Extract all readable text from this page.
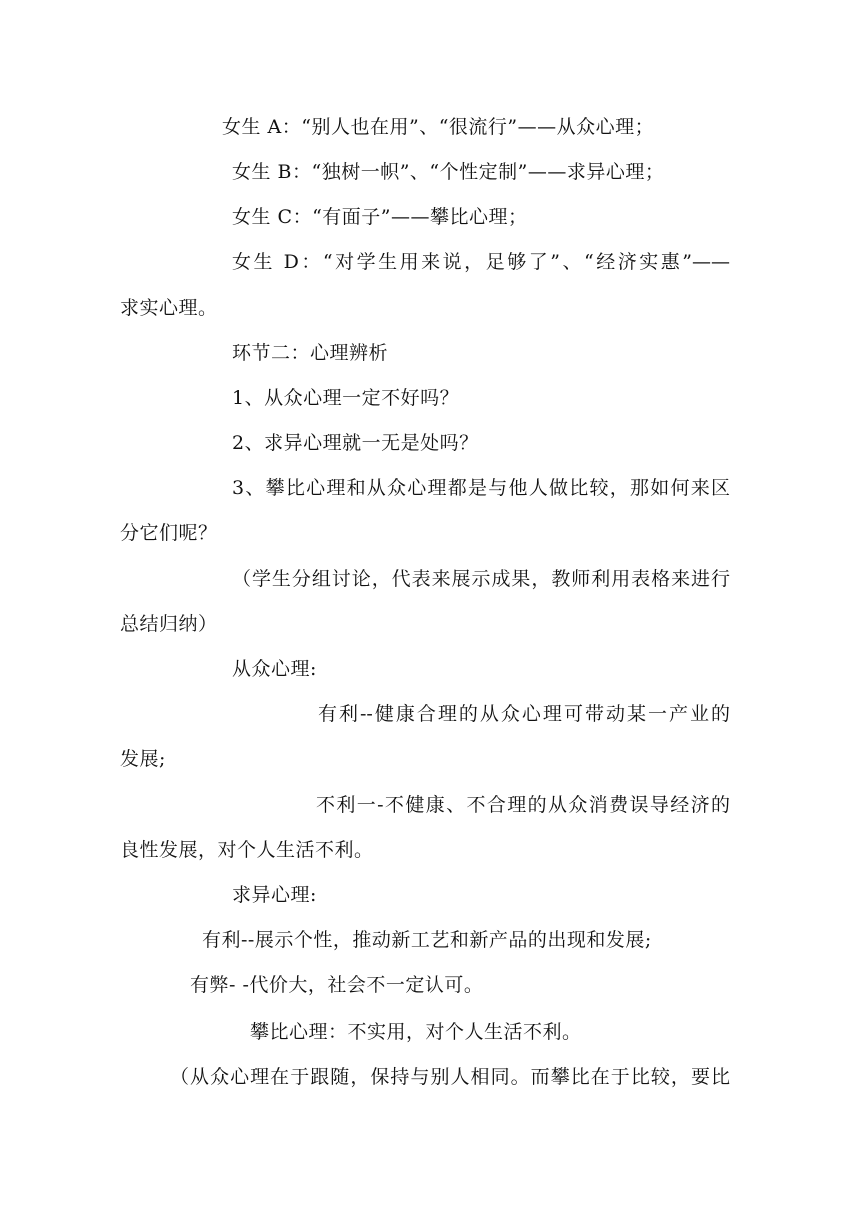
女生 A：“别人也在用”、“很流行”——从众心理；
女生 B：“独树一帜”、“个性定制”——求异心理；
女生 C：“有面子”——攀比心理；
女生 D：“对学生用来说，足够了”、“经济实惠”——
求实心理。
环节二：心理辨析
1、从众心理一定不好吗？
2、求异心理就一无是处吗？
3、攀比心理和从众心理都是与他人做比较，那如何来区
分它们呢？
（学生分组讨论，代表来展示成果，教师利用表格来进行
总结归纳）
从众心理:
有利--健康合理的从众心理可带动某一产业的
发展;
不利一-不健康、不合理的从众消费误导经济的
良性发展，对个人生活不利。
求异心理:
有利--展示个性，推动新工艺和新产品的出现和发展;
有弊- -代价大，社会不一定认可。
攀比心理：不实用，对个人生活不利。
（从众心理在于跟随，保持与别人相同。而攀比在于比较，要比
